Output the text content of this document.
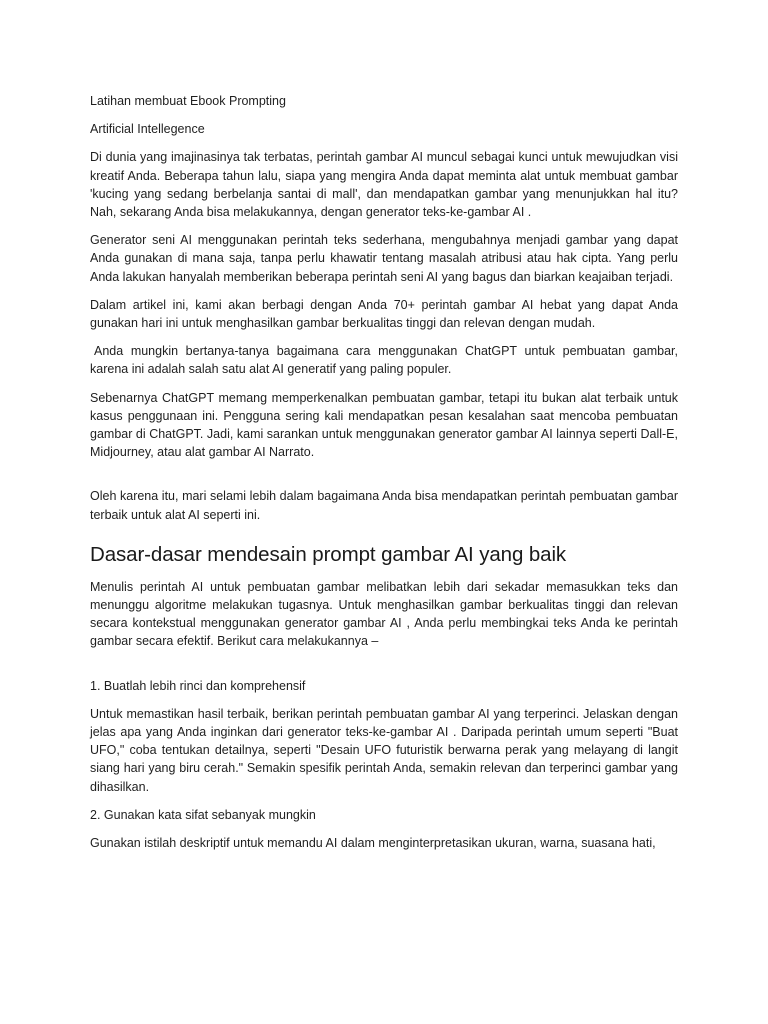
Latihan membuat Ebook Prompting

Artificial Intellegence

Di dunia yang imajinasinya tak terbatas, perintah gambar AI muncul sebagai kunci untuk mewujudkan visi kreatif Anda. Beberapa tahun lalu, siapa yang mengira Anda dapat meminta alat untuk membuat gambar 'kucing yang sedang berbelanja santai di mall', dan mendapatkan gambar yang menunjukkan hal itu? Nah, sekarang Anda bisa melakukannya, dengan generator teks-ke-gambar AI .

Generator seni AI menggunakan perintah teks sederhana, mengubahnya menjadi gambar yang dapat Anda gunakan di mana saja, tanpa perlu khawatir tentang masalah atribusi atau hak cipta. Yang perlu Anda lakukan hanyalah memberikan beberapa perintah seni AI yang bagus dan biarkan keajaiban terjadi.

Dalam artikel ini, kami akan berbagi dengan Anda 70+ perintah gambar AI hebat yang dapat Anda gunakan hari ini untuk menghasilkan gambar berkualitas tinggi dan relevan dengan mudah.

Anda mungkin bertanya-tanya bagaimana cara menggunakan ChatGPT untuk pembuatan gambar, karena ini adalah salah satu alat AI generatif yang paling populer.

Sebenarnya ChatGPT memang memperkenalkan pembuatan gambar, tetapi itu bukan alat terbaik untuk kasus penggunaan ini. Pengguna sering kali mendapatkan pesan kesalahan saat mencoba pembuatan gambar di ChatGPT. Jadi, kami sarankan untuk menggunakan generator gambar AI lainnya seperti Dall-E, Midjourney, atau alat gambar AI Narrato.

Oleh karena itu, mari selami lebih dalam bagaimana Anda bisa mendapatkan perintah pembuatan gambar terbaik untuk alat AI seperti ini.

Dasar-dasar mendesain prompt gambar AI yang baik

Menulis perintah AI untuk pembuatan gambar melibatkan lebih dari sekadar memasukkan teks dan menunggu algoritme melakukan tugasnya. Untuk menghasilkan gambar berkualitas tinggi dan relevan secara kontekstual menggunakan generator gambar AI , Anda perlu membingkai teks Anda ke perintah gambar secara efektif. Berikut cara melakukannya –

1. Buatlah lebih rinci dan komprehensif

Untuk memastikan hasil terbaik, berikan perintah pembuatan gambar AI yang terperinci. Jelaskan dengan jelas apa yang Anda inginkan dari generator teks-ke-gambar AI . Daripada perintah umum seperti "Buat UFO," coba tentukan detailnya, seperti "Desain UFO futuristik berwarna perak yang melayang di langit siang hari yang biru cerah." Semakin spesifik perintah Anda, semakin relevan dan terperinci gambar yang dihasilkan.

2. Gunakan kata sifat sebanyak mungkin

Gunakan istilah deskriptif untuk memandu AI dalam menginterpretasikan ukuran, warna, suasana hati,
